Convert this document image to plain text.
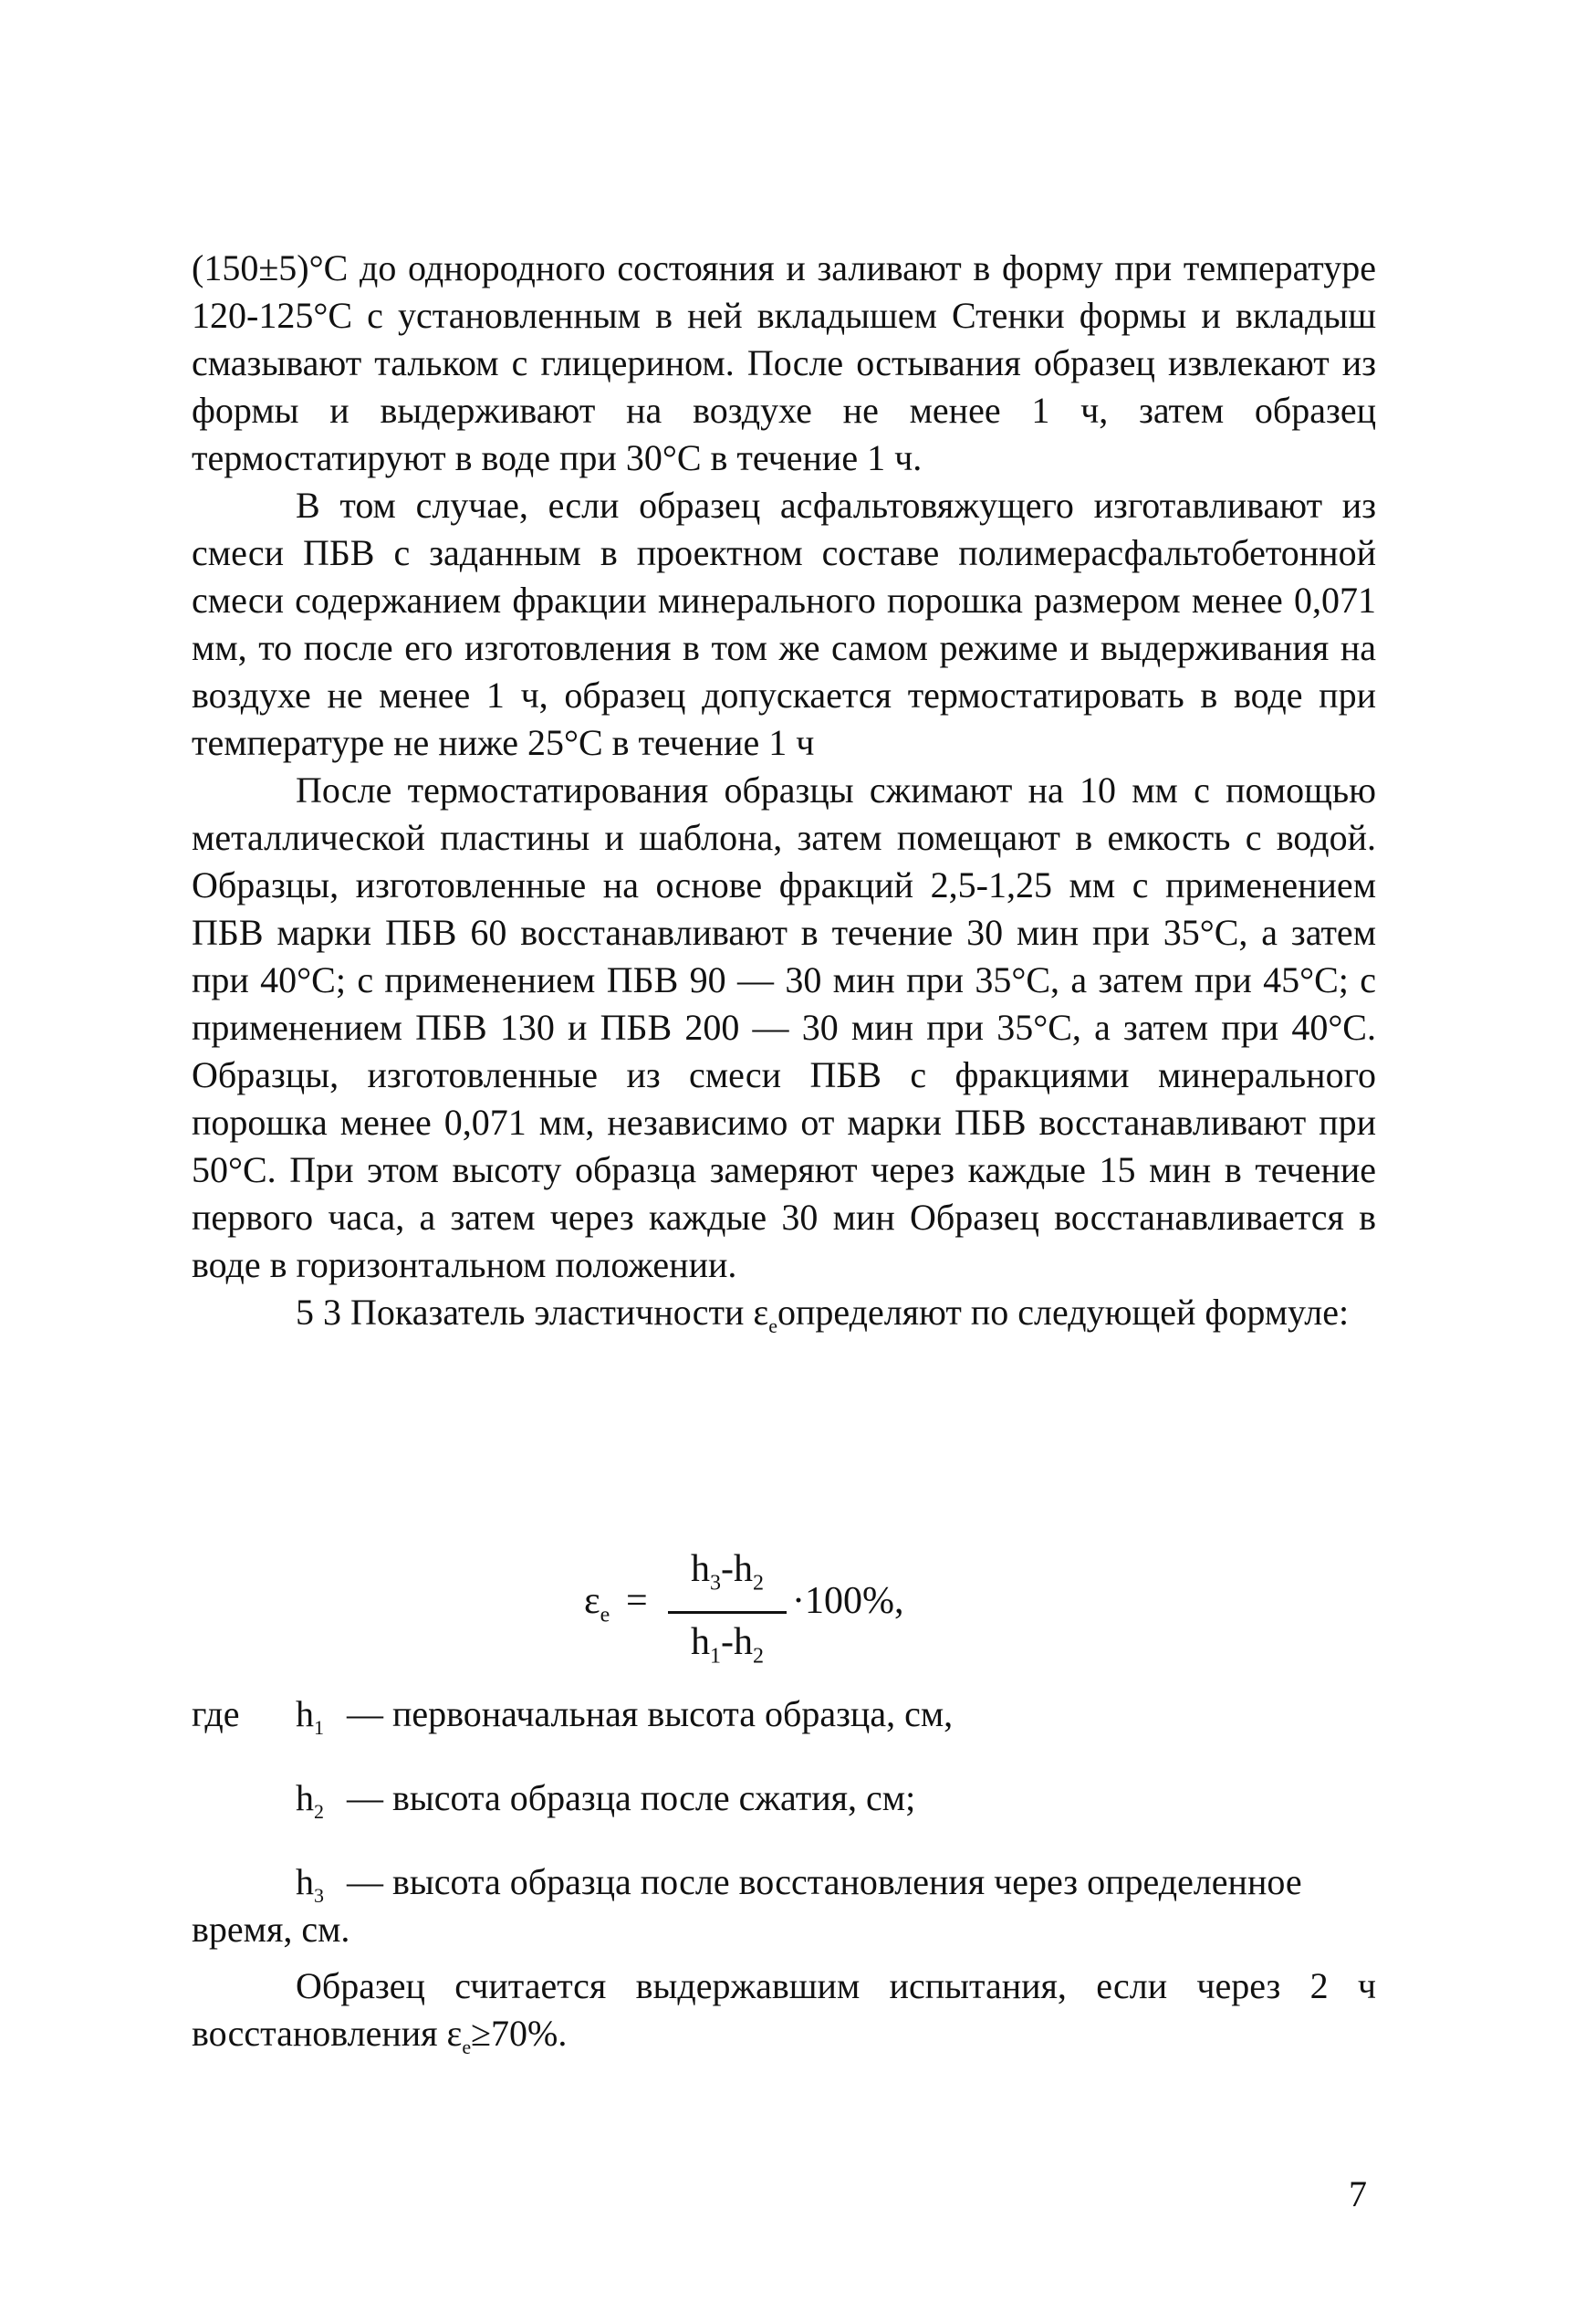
(150±5)°С до однородного состояния и заливают в форму при температуре 120-125°С с установленным в ней вкладышем Стенки формы и вкладыш смазывают тальком с глицерином. После остывания образец извлекают из формы и выдерживают на воздухе не менее 1 ч, затем образец термостатируют в воде при 30°С в течение 1 ч.

В том случае, если образец асфальтовяжущего изготавливают из смеси ПБВ с заданным в проектном составе полимерасфальтобетонной смеси содержанием фракции минерального порошка размером менее 0,071 мм, то после его изготовления в том же самом режиме и выдерживания на воздухе не менее 1 ч, образец допускается термостатировать в воде при температуре не ниже 25°С в течение 1 ч

После термостатирования образцы сжимают на 10 мм с помощью металлической пластины и шаблона, затем помещают в емкость с водой. Образцы, изготовленные на основе фракций 2,5-1,25 мм с применением ПБВ марки ПБВ 60 восстанавливают в течение 30 мин при 35°С, а затем при 40°С; с применением ПБВ 90 — 30 мин при 35°С, а затем при 45°С; с применением ПБВ 130 и ПБВ 200 — 30 мин при 35°С, а затем при 40°С. Образцы, изготовленные из смеси ПБВ с фракциями минерального порошка менее 0,071 мм, независимо от марки ПБВ восстанавливают при 50°С. При этом высоту образца замеряют через каждые 15 мин в течение первого часа, а затем через каждые 30 мин Образец восстанавливается в воде в горизонтальном положении.

5 3 Показатель эластичности $\varepsilon_еопределяют$ по следующей формуле:

$\varepsilon_е$ =
$h_3-h_2$
$h_1-h_2$
·100%,
где $h_1$ — первоначальная высота образца, см,
$h_2$ — высота образца после сжатия, см;
$h_3$ — высота образца после восстановления через определенное
время, см.

Образец считается выдержавшим испытания, если через 2 ч восстановления $\varepsilon_е\ge 70\%$.

7
